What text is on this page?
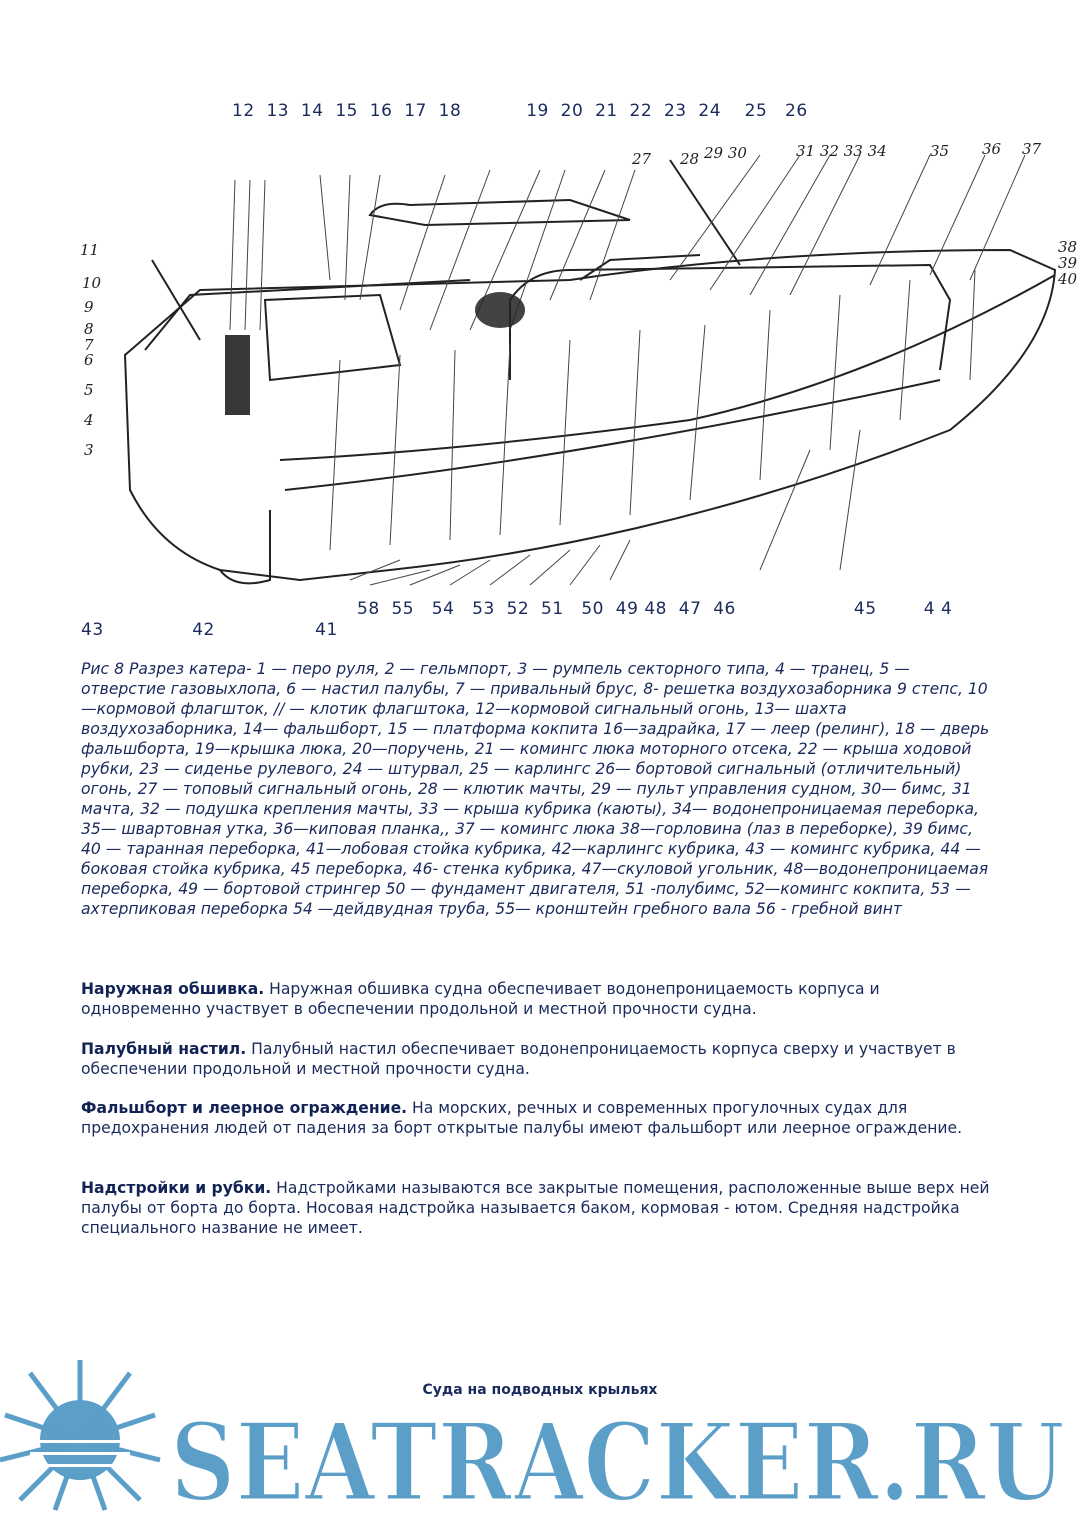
12  13  14  15  16  17  18           19  20  21  22  23  24    25   26
11
10
9
8
7
6
5
4
3
27 28 29 30	31 32 33 34	35 36 37
38
39
40
58  55   54   53  52  51   50  49 48  47  46                    45        4 4
43               42                 41
Рис 8 Разрез катера- 1 — перо руля, 2 — гельмпорт, 3 — румпель секторного типа, 4 — транец, 5 — отверстие газовыхлопа, 6 — настил палубы, 7 — привальный брус, 8- решетка воздухозаборника 9 степс, 10 —кормовой флагшток, // — клотик флагштока, 12—кормовой сигнальный огонь, 13— шахта воздухозаборника, 14— фальшборт, 15 — платформа кокпита 16—задрайка, 17 — леер (релинг), 18 — дверь фальшборта, 19—крышка люка, 20—поручень, 21 — комингс люка моторного отсека, 22 — крыша ходовой рубки, 23 — сиденье рулевого, 24 — штурвал, 25 — карлингс 26— бортовой сигнальный (отличительный) огонь, 27 — топовый сигнальный огонь, 28 — клютик мачты, 29 — пульт управления судном, 30— бимс, 31 мачта, 32 — подушка крепления мачты, 33 — крыша кубрика (каюты), 34— водонепроницаемая переборка, 35— швартовная утка, 36—киповая планка,, 37 — комингс люка 38—горловина (лаз в переборке), 39 бимс, 40 — таранная переборка, 41—лобовая стойка кубрика, 42—карлингс кубрика, 43 — комингс кубрика, 44 — боковая стойка кубрика, 45 переборка, 46- стенка кубрика, 47—скуловой угольник, 48—водонепроницаемая переборка, 49 — бортовой стрингер 50 — фундамент двигателя, 51 -полубимс, 52—комингс кокпита, 53 — ахтерпиковая переборка 54 —дейдвудная труба, 55— кронштейн гребного вала 56 - гребной винт
Наружная обшивка. Наружная обшивка судна обеспечивает водонепроницаемость корпуса и одновременно участвует в обеспечении продольной и местной прочности судна.
Палубный настил. Палубный настил обеспечивает водонепроницаемость корпуса сверху и участвует в обеспечении продольной и местной прочности судна.
Фальшборт и леерное ограждение. На морских, речных и современных прогулочных судах для предохранения людей от падения за борт открытые палубы имеют фальшборт или леерное ограждение.
Надстройки и рубки. Надстройками называются все закрытые помещения, расположенные выше верх ней палубы от борта до борта. Носовая надстройка называется баком, кормовая - ютом. Средняя надстройка специального название не имеет.
Суда на подводных крыльях
SEATRACKER.RU
